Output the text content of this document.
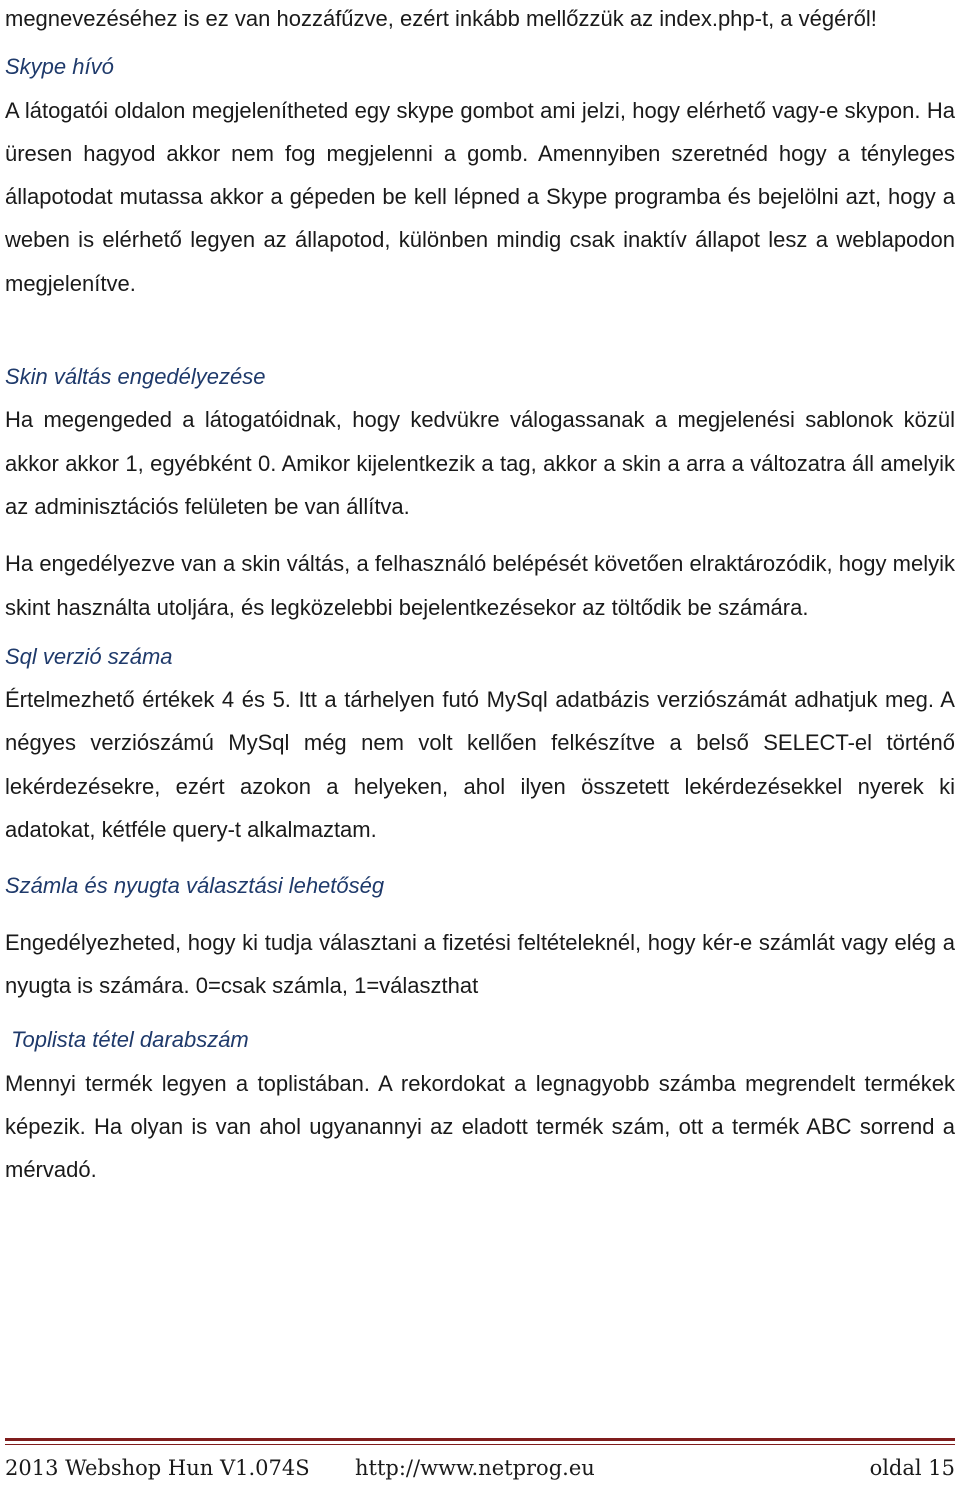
megnevezéséhez is ez van hozzáfűzve, ezért inkább mellőzzük az index.php-t, a végéről!

Skype hívó

A látogatói oldalon megjelenítheted egy skype gombot ami jelzi, hogy elérhető vagy-e skypon. Ha üresen hagyod akkor nem fog megjelenni a gomb. Amennyiben szeretnéd hogy a tényleges állapotodat mutassa akkor a gépeden be kell lépned a Skype programba és bejelölni azt, hogy a weben is elérhető legyen az állapotod, különben mindig csak inaktív állapot lesz a weblapodon megjelenítve.

Skin váltás engedélyezése

Ha megengeded a látogatóidnak, hogy kedvükre válogassanak a megjelenési sablonok közül akkor akkor 1, egyébként 0. Amikor kijelentkezik a tag, akkor a skin a arra a változatra áll amelyik az adminisztációs felületen be van állítva.

Ha engedélyezve van a skin váltás, a felhasználó belépését követően elraktározódik, hogy melyik skint használta utoljára, és legközelebbi bejelentkezésekor az töltődik be számára.

Sql verzió száma

Értelmezhető értékek 4 és 5. Itt a tárhelyen futó MySql adatbázis verziószámát adhatjuk meg. A négyes verziószámú MySql még nem volt kellően felkészítve a belső SELECT-el történő lekérdezésekre, ezért azokon a helyeken, ahol ilyen összetett lekérdezésekkel nyerek ki adatokat, kétféle query-t alkalmaztam.

Számla és nyugta választási lehetőség

Engedélyezheted, hogy ki tudja választani a fizetési feltételeknél, hogy kér-e számlát vagy elég a nyugta is számára. 0=csak számla, 1=választhat

Toplista tétel darabszám

Mennyi termék legyen a toplistában. A rekordokat a legnagyobb számba megrendelt termékek képezik. Ha olyan is van ahol ugyanannyi az eladott termék szám, ott a termék ABC sorrend a mérvadó.

2013 Webshop Hun V1.074S http://www.netprog.eu	oldal 15
